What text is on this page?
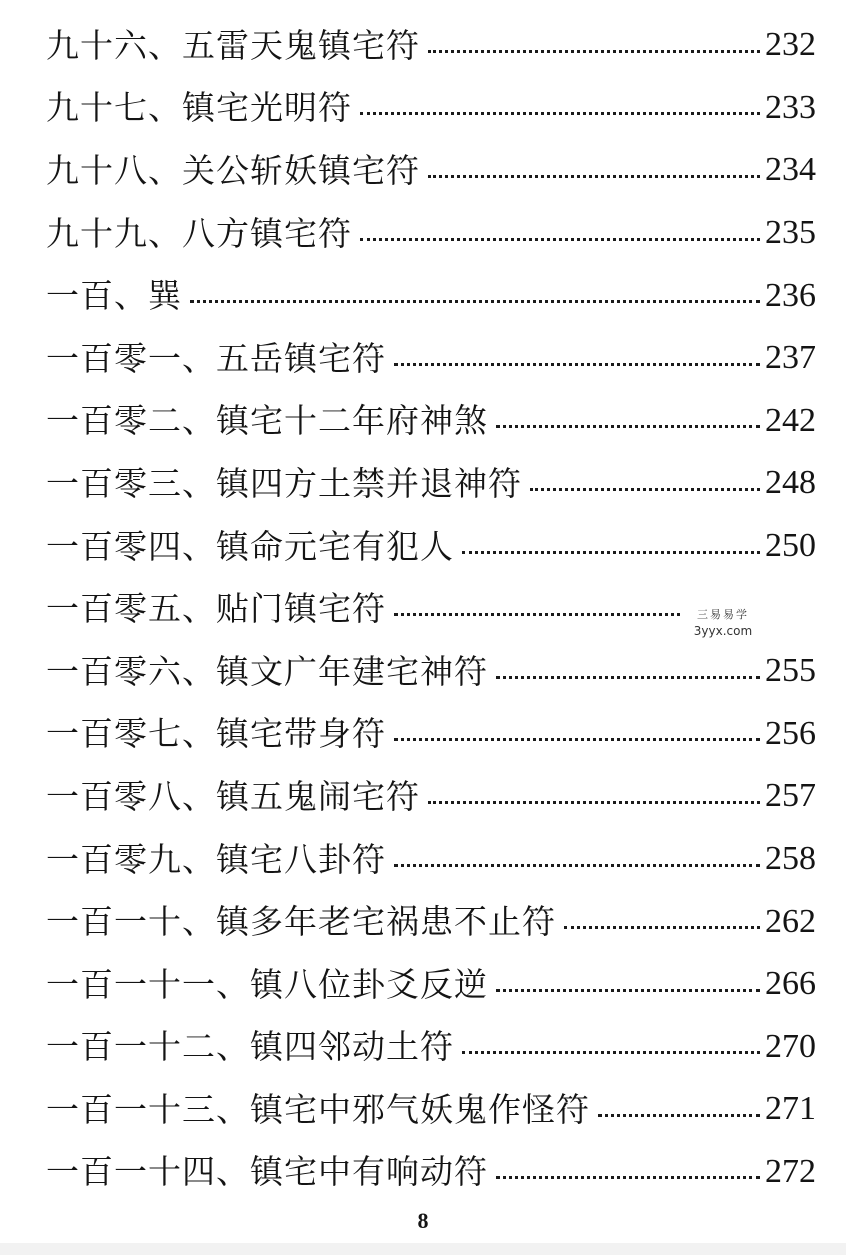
九十六、五雷天鬼镇宅符	232
九十七、镇宅光明符	233
九十八、关公斩妖镇宅符	234
九十九、八方镇宅符	235
一百、巽	236
一百零一、五岳镇宅符	237
一百零二、镇宅十二年府神煞	242
一百零三、镇四方土禁并退神符	248
一百零四、镇命元宅有犯人	250
一百零五、贴门镇宅符
一百零六、镇文广年建宅神符	255
一百零七、镇宅带身符	256
一百零八、镇五鬼闹宅符	257
一百零九、镇宅八卦符	258
一百一十、镇多年老宅祸患不止符	262
一百一十一、镇八位卦爻反逆	266
一百一十二、镇四邻动土符	270
一百一十三、镇宅中邪气妖鬼作怪符	271
一百一十四、镇宅中有响动符	272
三易易学
3yyx.com
8
